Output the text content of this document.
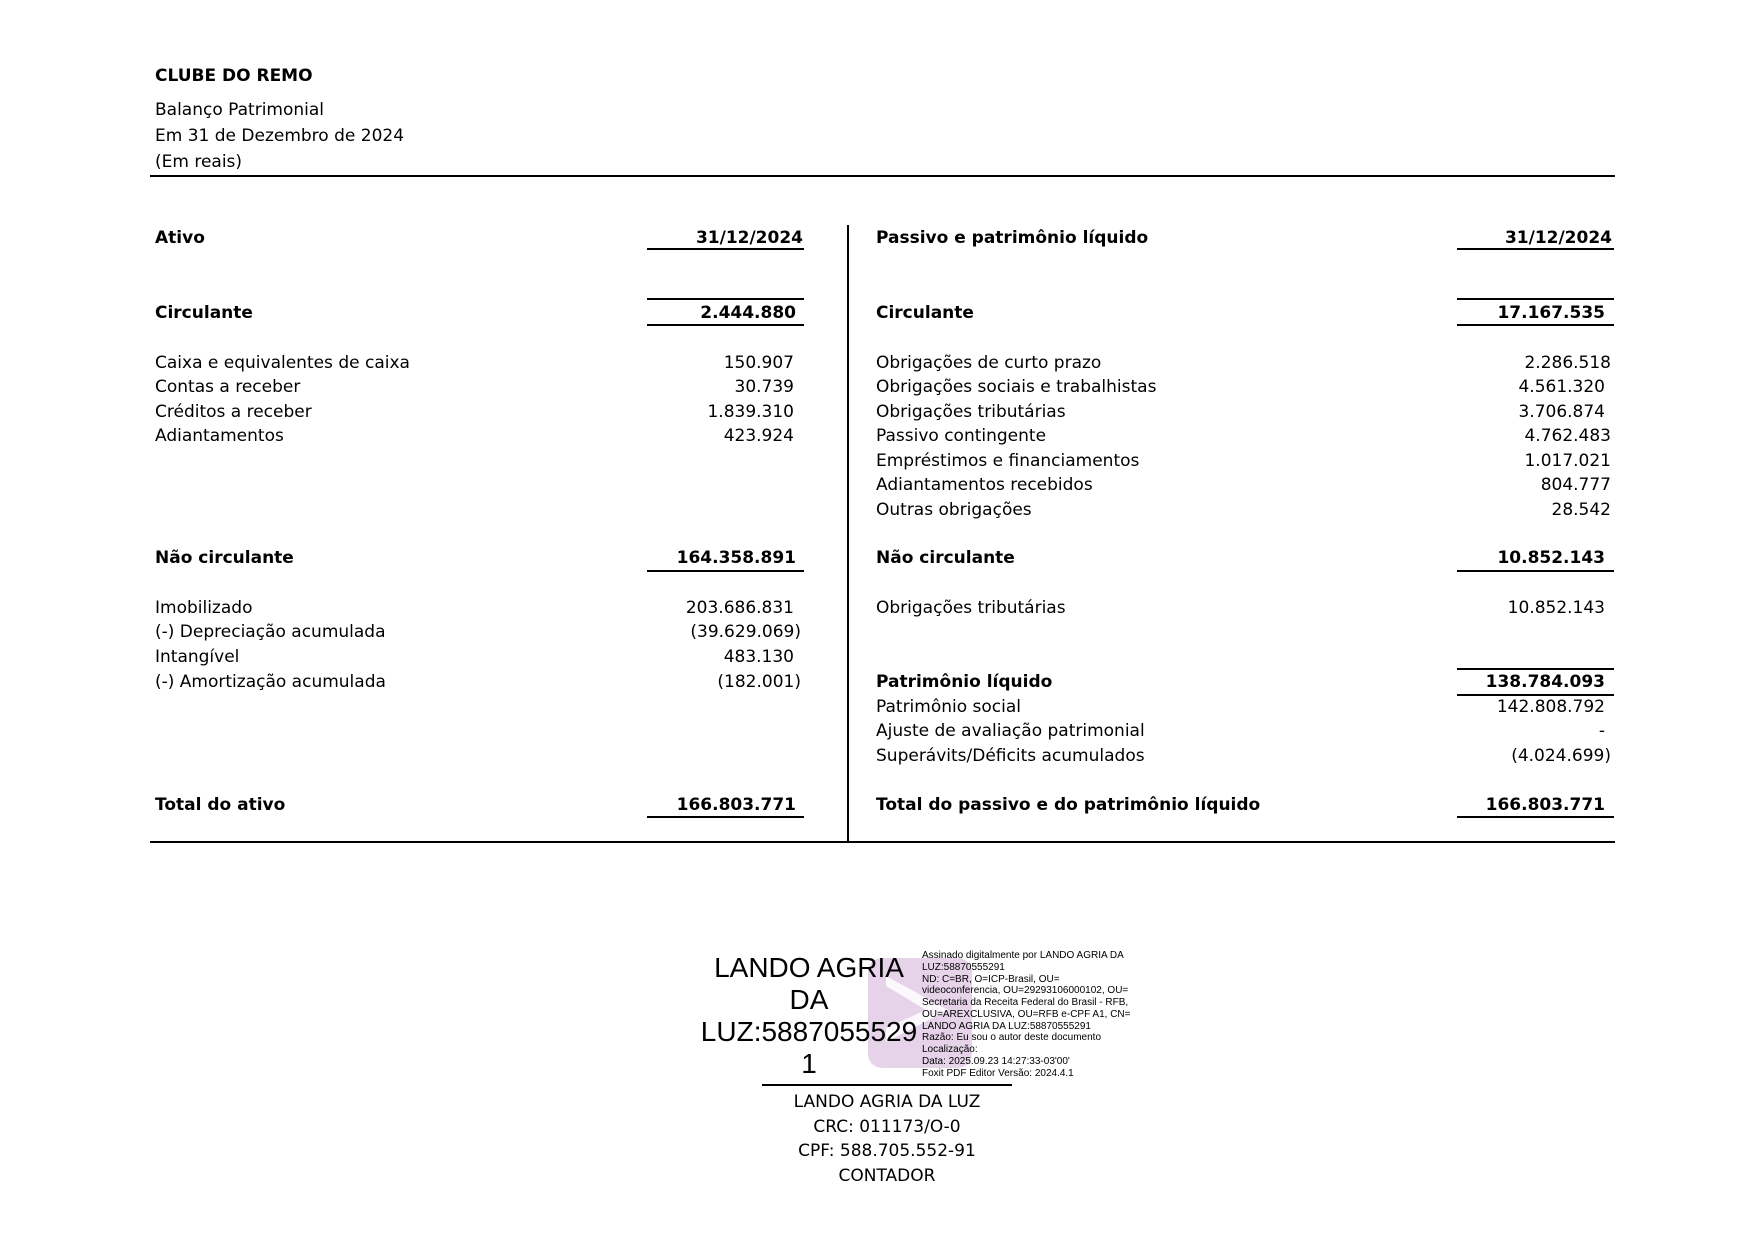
CLUBE DO REMO
Balanço Patrimonial
Em 31 de Dezembro de 2024
(Em reais)
Ativo	31/12/2024
Circulante	2.444.880
Caixa e equivalentes de caixa	150.907
Contas a receber	30.739
Créditos a receber	1.839.310
Adiantamentos	423.924
Não circulante	164.358.891
Imobilizado	203.686.831
(-) Depreciação acumulada	(39.629.069)
Intangível	483.130
(-) Amortização acumulada	(182.001)
Total do ativo	166.803.771
Passivo e patrimônio líquido	31/12/2024
Circulante	17.167.535
Obrigações de curto prazo	2.286.518
Obrigações sociais e trabalhistas	4.561.320
Obrigações tributárias	3.706.874
Passivo contingente	4.762.483
Empréstimos e financiamentos	1.017.021
Adiantamentos recebidos	804.777
Outras obrigações	28.542
Não circulante	10.852.143
Obrigações tributárias	10.852.143
Patrimônio líquido	138.784.093
Patrimônio social	142.808.792
Ajuste de avaliação patrimonial	-
Superávits/Déficits acumulados	(4.024.699)
Total do passivo e do patrimônio líquido	166.803.771
LANDO AGRIA
DA
LUZ:5887055529
1
Assinado digitalmente por LANDO AGRIA DA
LUZ:58870555291
ND: C=BR, O=ICP-Brasil, OU=
videoconferencia, OU=29293106000102, OU=
Secretaria da Receita Federal do Brasil - RFB,
OU=AREXCLUSIVA, OU=RFB e-CPF A1, CN=
LANDO AGRIA DA LUZ:58870555291
Razão: Eu sou o autor deste documento
Localização:
Data: 2025.09.23 14:27:33-03'00'
Foxit PDF Editor Versão: 2024.4.1
LANDO AGRIA DA LUZ
CRC: 011173/O-0
CPF: 588.705.552-91
CONTADOR
